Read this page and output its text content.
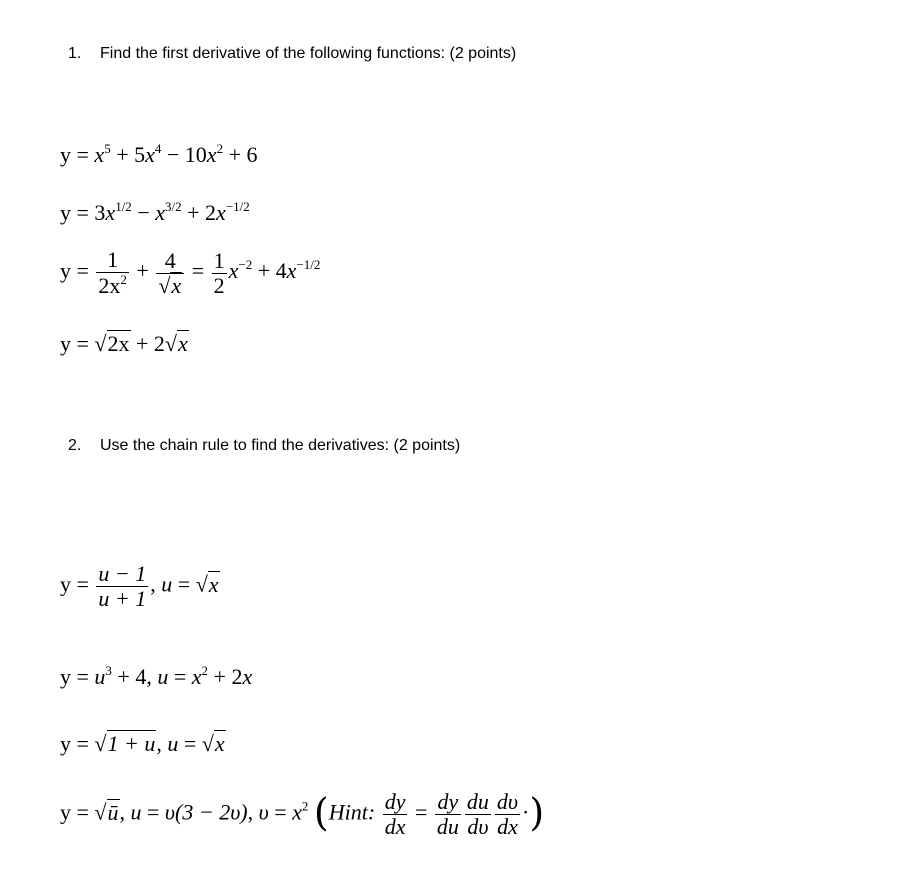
1. Find the first derivative of the following functions: (2 points)
$y = x^5 + 5x^4 - 10x^2 + 6$
$y = 3x^{1/2} - x^{3/2} + 2x^{-1/2}$
$y = \frac{1}{2x^2} + \frac{4}{√x} = \frac{1}{2} x^{-2} + 4x^{-1/2}$
y = √2x + 2√x
2. Use the chain rule to find the derivatives: (2 points)
$y = \frac{u - 1}{u + 1}$ , u = √x
$y = u^3 + 4$, $u = x^2 + 2x$
y = √1 + u, u = √x
y = √ū, u = υ(3 − 2υ), $\upsilon = x^2$ (Hint: $\frac{dy}{dx} = \frac{dy}{du} \frac{du}{d\upsilon} \frac{d\upsilon}{dx}$ ·)
